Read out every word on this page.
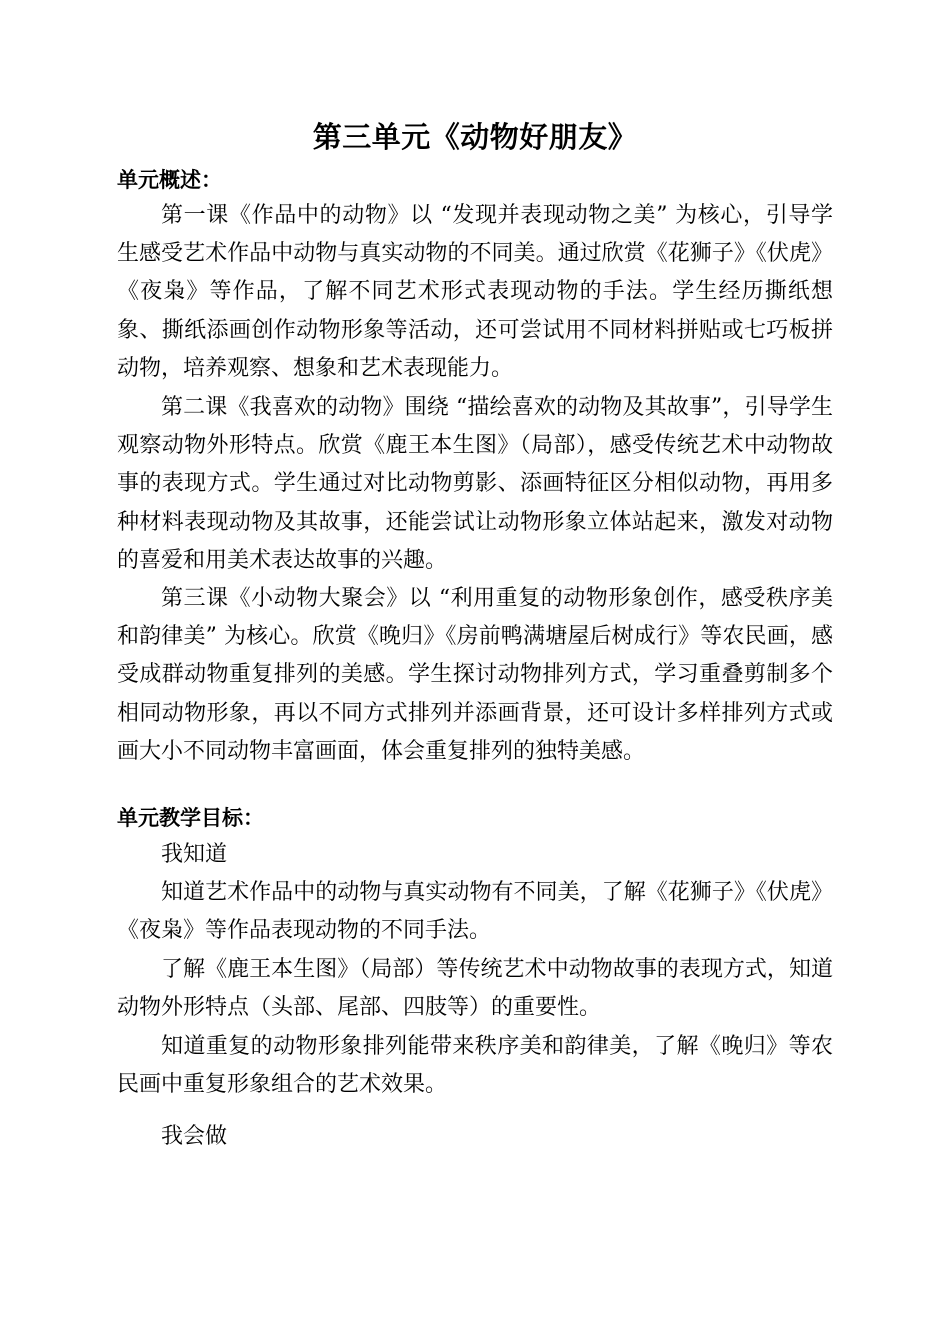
第三单元《动物好朋友》
单元概述：

第一课《作品中的动物》以 “发现并表现动物之美” 为核心，引导学生感受艺术作品中动物与真实动物的不同美。通过欣赏《花狮子》《伏虎》《夜枭》等作品，了解不同艺术形式表现动物的手法。学生经历撕纸想象、撕纸添画创作动物形象等活动，还可尝试用不同材料拼贴或七巧板拼动物，培养观察、想象和艺术表现能力。

第二课《我喜欢的动物》围绕 “描绘喜欢的动物及其故事”，引导学生观察动物外形特点。欣赏《鹿王本生图》（局部），感受传统艺术中动物故事的表现方式。学生通过对比动物剪影、添画特征区分相似动物，再用多种材料表现动物及其故事，还能尝试让动物形象立体站起来，激发对动物的喜爱和用美术表达故事的兴趣。

第三课《小动物大聚会》以 “利用重复的动物形象创作，感受秩序美和韵律美” 为核心。欣赏《晚归》《房前鸭满塘屋后树成行》等农民画，感受成群动物重复排列的美感。学生探讨动物排列方式，学习重叠剪制多个相同动物形象，再以不同方式排列并添画背景，还可设计多样排列方式或画大小不同动物丰富画面，体会重复排列的独特美感。

单元教学目标：

我知道

知道艺术作品中的动物与真实动物有不同美，了解《花狮子》《伏虎》《夜枭》等作品表现动物的不同手法。

了解《鹿王本生图》（局部）等传统艺术中动物故事的表现方式，知道动物外形特点（头部、尾部、四肢等）的重要性。

知道重复的动物形象排列能带来秩序美和韵律美，了解《晚归》等农民画中重复形象组合的艺术效果。

我会做
